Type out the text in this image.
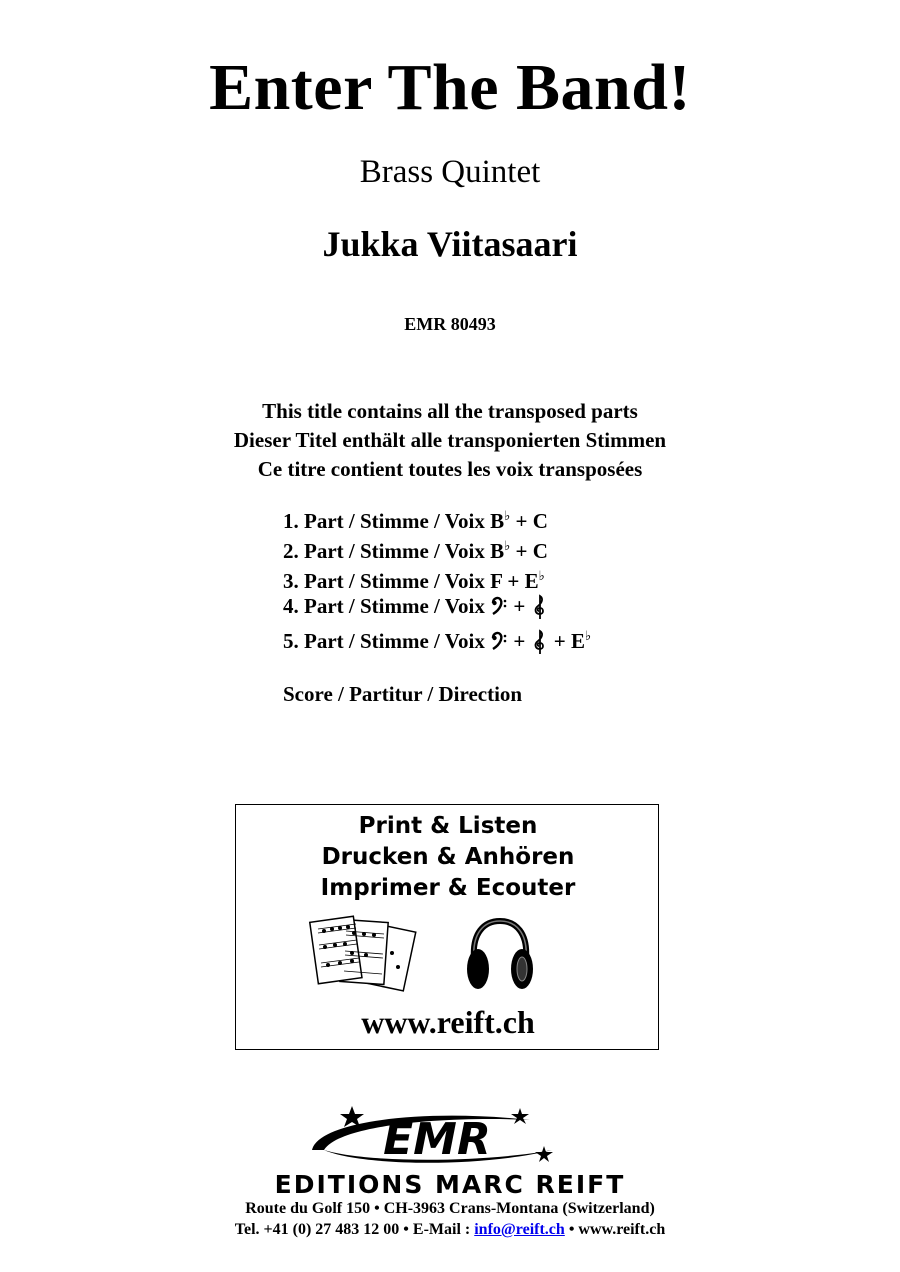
Enter The Band!
Brass Quintet
Jukka Viitasaari
EMR 80493
This title contains all the transposed parts
Dieser Titel enthält alle transponierten Stimmen
Ce titre contient toutes les voix transposées
1. Part / Stimme / Voix B♭ + C
2. Part / Stimme / Voix B♭ + C
3. Part / Stimme / Voix F + E♭
4. Part / Stimme / Voix +
5. Part / Stimme / Voix + + E♭
Score / Partitur / Direction
Print & Listen
Drucken & Anhören
Imprimer & Ecouter
www.reift.ch
EMR
EDITIONS MARC REIFT
Route du Golf 150 • CH-3963 Crans-Montana (Switzerland)
Tel. +41 (0) 27 483 12 00 • E-Mail : info@reift.ch • www.reift.ch
